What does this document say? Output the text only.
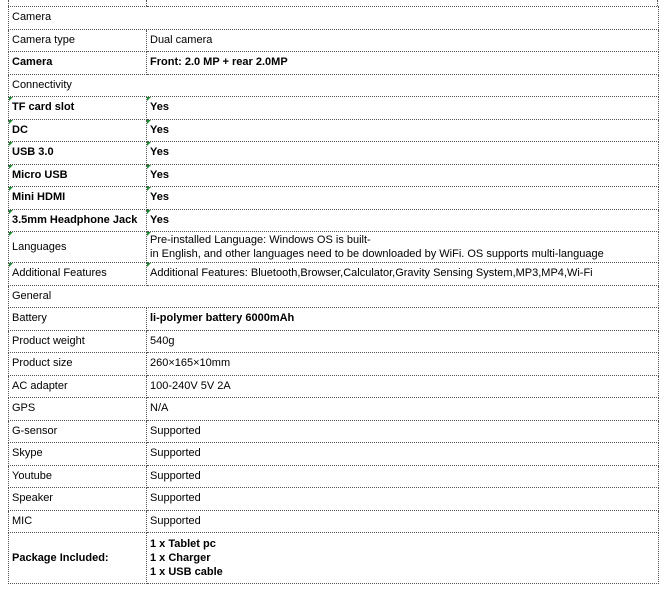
Camera	
Camera type	Dual camera
Camera	Front: 2.0 MP + rear 2.0MP
Connectivity	

TF card slot	Yes

DC	Yes

USB 3.0	Yes

Micro USB	Yes

Mini HDMI	Yes

3.5mm Headphone Jack	Yes

Languages	Pre-installed Language: Windows OS is built-
in English, and other languages need to be downloaded by WiFi. OS supports multi-language

Additional Features	Additional Features: Bluetooth,Browser,Calculator,Gravity Sensing System,MP3,MP4,Wi-Fi
General	
Battery	li-polymer battery 6000mAh
Product weight	540g
Product size	260×165×10mm
AC adapter	100-240V 5V 2A
GPS	N/A
G-sensor	Supported
Skype	Supported
Youtube	Supported
Speaker	Supported
MIC	Supported
Package Included:	1 x Tablet pc
1 x Charger
1 x USB cable
